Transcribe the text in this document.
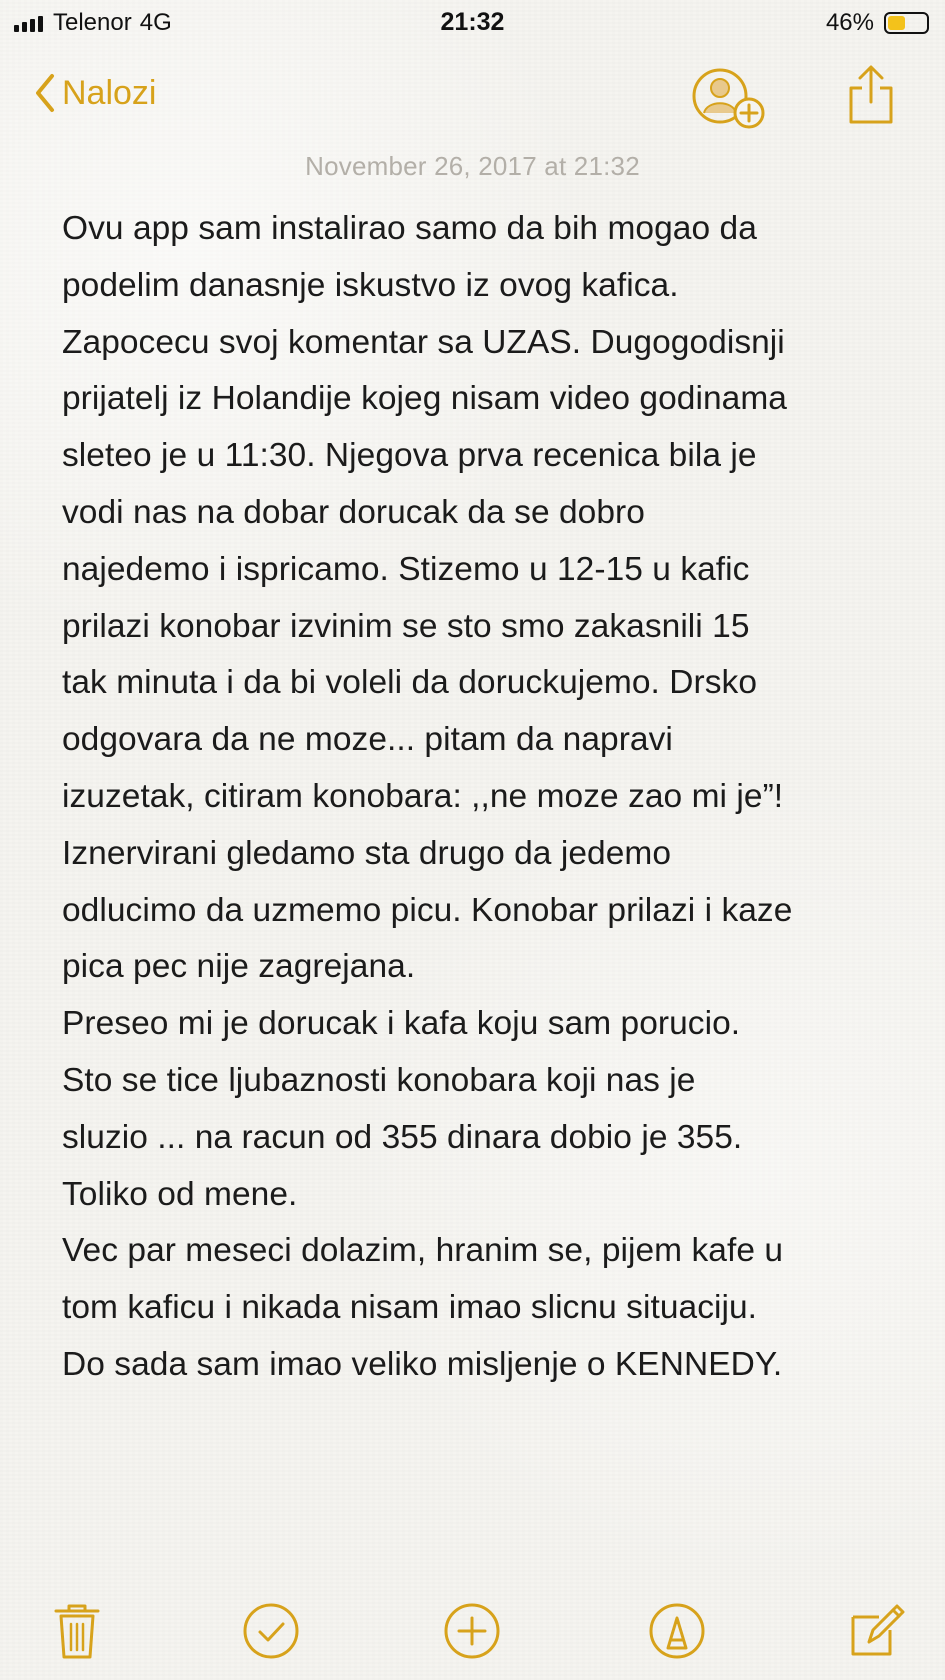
Telenor 4G	21:32	46%
Nalozi
November 26, 2017 at 21:32
Ovu app sam instalirao samo da bih mogao da
podelim danasnje iskustvo iz ovog kafica.
Zapocecu svoj komentar sa UZAS. Dugogodisnji
prijatelj iz Holandije kojeg nisam video godinama
sleteo je u 11:30. Njegova prva recenica bila je
vodi nas na dobar dorucak da se dobro
najedemo i ispricamo. Stizemo u 12-15 u kafic
prilazi konobar izvinim se sto smo zakasnili 15
tak minuta i da bi voleli da doruckujemo. Drsko
odgovara da ne moze... pitam da napravi
izuzetak, citiram konobara: ,,ne moze zao mi je”!
Iznervirani gledamo sta drugo da jedemo
odlucimo da uzmemo picu. Konobar prilazi i kaze
pica pec nije zagrejana.
Preseo mi je dorucak i kafa koju sam porucio.
Sto se tice ljubaznosti konobara koji nas je
sluzio ... na racun od 355 dinara dobio je 355.
Toliko od mene.
Vec par meseci dolazim, hranim se, pijem kafe u
tom kaficu i nikada nisam imao slicnu situaciju.
Do sada sam imao veliko misljenje o KENNEDY.
